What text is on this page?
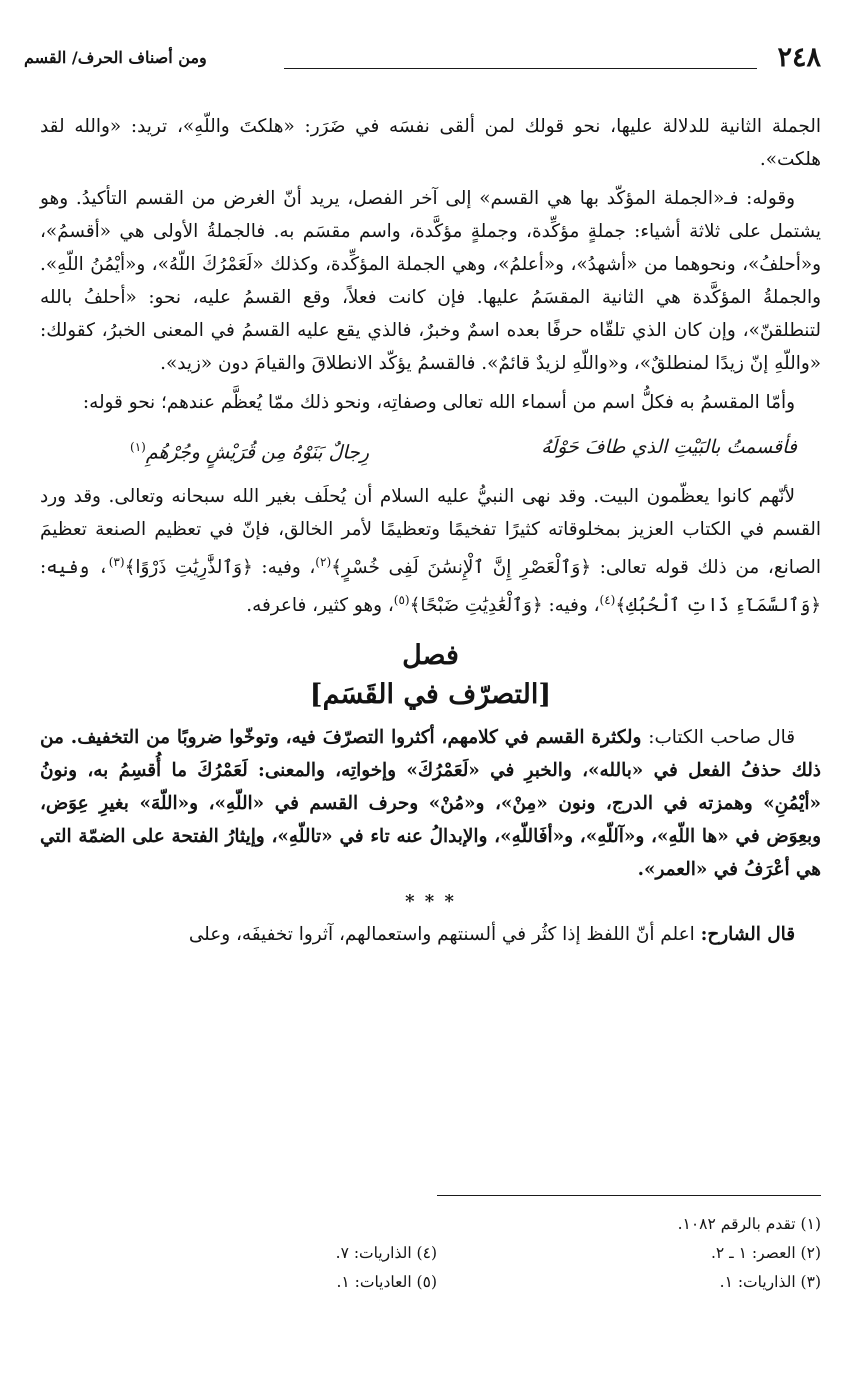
٢٤٨
ومن أصناف الحرف/ القسم

الجملة الثانية للدلالة عليها، نحو قولك لمن ألقى نفسَه في ضَرَر: «هلكتَ واللّهِ»، تريد: «والله لقد هلكت».

وقوله: فـ«الجملة المؤكّد بها هي القسم» إلى آخر الفصل، يريد أنّ الغرض من القسم التأكيدُ. وهو يشتمل على ثلاثة أشياء: جملةٍ مؤكِّدة، وجملةٍ مؤكَّدة، واسم مقسَم به. فالجملةُ الأولى هي «أقسمُ»، و«أحلفُ»، ونحوهما من «أشهدُ»، و«أعلمُ»، وهي الجملة المؤكِّدة، وكذلك «لَعَمْرُكَ اللّهُ»، و«أيْمُنُ اللّهِ». والجملةُ المؤكَّدة هي الثانية المقسَمُ عليها. فإن كانت فعلاً، وقع القسمُ عليه، نحو: «أحلفُ بالله لتنطلقنّ»، وإن كان الذي تلقّاه حرفًا بعده اسمٌ وخبرٌ، فالذي يقع عليه القسمُ في المعنى الخبرُ، كقولك: «واللّهِ إنّ زيدًا لمنطلقٌ»، و«واللّهِ لزيدٌ قائمٌ». فالقسمُ يؤكّد الانطلاقَ والقيامَ دون «زيد».

وأمّا المقسمُ به فكلُّ اسم من أسماء الله تعالى وصفاتِه، ونحو ذلك ممّا يُعظَّم عندهم؛ نحو قوله:

فأقسمتُ بالبَيْتِ الذي طافَ حَوْلَهُ
رِجالٌ بَنَوْهُ مِن قُرَيْشٍ وجُرْهُمِ$^{(١)}$

لأنّهم كانوا يعظّمون البيت. وقد نهى النبيُّ عليه السلام أن يُحلَف بغير الله سبحانه وتعالى. وقد ورد القسم في الكتاب العزيز بمخلوقاته كثيرًا تفخيمًا وتعظيمًا لأمر الخالق، فإنّ في تعظيم الصنعة تعظيمَ الصانع، من ذلك قوله تعالى: ﴿وَٱلْعَصْرِ إِنَّ ٱلْإِنسَٰنَ لَفِى خُسْرٍ﴾$^{(٢)}$، وفيه: ﴿وَٱلذَّٰرِيَٰتِ ذَرْوًا﴾$^{(٣)}$، وفيه: ﴿وَٱلسَّمَآءِ ذَاتِ ٱلْحُبُكِ﴾$^{(٤)}$، وفيه: ﴿وَٱلْعَٰدِيَٰتِ ضَبْحًا﴾$^{(٥)}$، وهو كثير، فاعرفه.

فصل
[التصرّف في القَسَم]

قال صاحب الكتاب: ولكثرة القسم في كلامهم، أكثروا التصرّفَ فيه، وتوخّوا ضروبًا من التخفيف. من ذلك حذفُ الفعل في «بالله»، والخبرِ في «لَعَمْرُكَ» وإخواتِه، والمعنى: لَعَمْرُكَ ما أُقسِمُ به، ونونُ «أيْمُنِ» وهمزته في الدرج، ونون «مِنْ»، و«مُنْ» وحرف القسم في «اللّهِ»، و«اللّهَ» بغيرِ عِوَض، وبعِوَض في «ها اللّهِ»، و«آللّهِ»، و«أفَاللّهِ»، والإبدالُ عنه تاء في «تاللّهِ»، وإيثارُ الفتحة على الضمّة التي هي أعْرَفُ في «العمر».

* * *

قال الشارح: اعلم أنّ اللفظ إذا كثُر في ألسنتهم واستعمالهم، آثروا تخفيفَه، وعلى

(١) تقدم بالرقم ١٠٨٢.
(٢) العصر: ١ ـ ٢.
(٤) الذاريات: ٧.
(٣) الذاريات: ١.
(٥) العاديات: ١.
